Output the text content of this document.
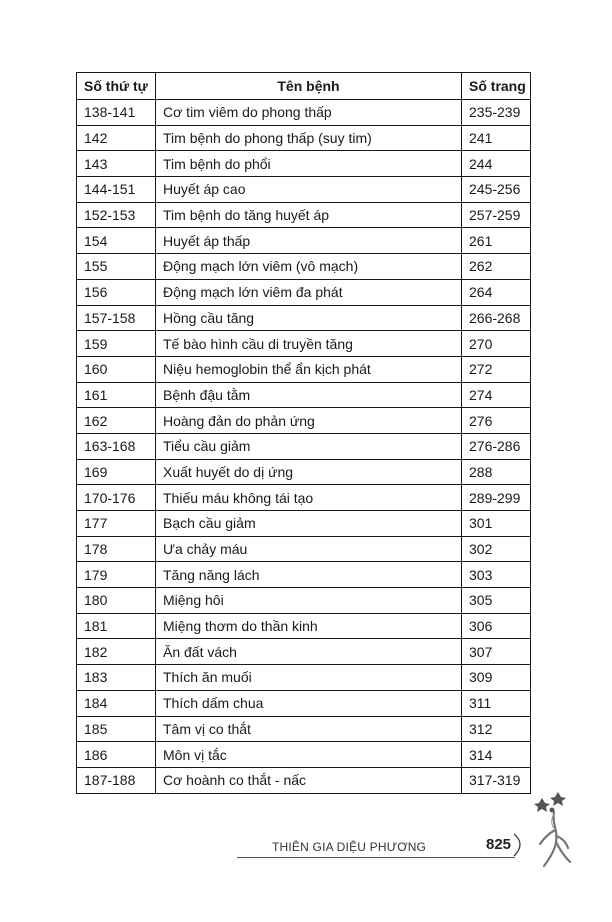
Số thứ tự	Tên bệnh	Số trang
138-141	Cơ tim viêm do phong thấp	235-239
142	Tim bệnh do phong thấp (suy tim)	241
143	Tim bệnh do phổi	244
144-151	Huyết áp cao	245-256
152-153	Tim bệnh do tăng huyết áp	257-259
154	Huyết áp thấp	261
155	Động mạch lớn viêm (vô mạch)	262
156	Động mạch lớn viêm đa phát	264
157-158	Hồng cầu tăng	266-268
159	Tế bào hình cầu di truyền tăng	270
160	Niệu hemoglobin thể ẩn kịch phát	272
161	Bệnh đậu tằm	274
162	Hoàng đản do phản ứng	276
163-168	Tiểu cầu giảm	276-286
169	Xuất huyết do dị ứng	288
170-176	Thiếu máu không tái tạo	289-299
177	Bạch cầu giảm	301
178	Ưa chảy máu	302
179	Tăng năng lách	303
180	Miệng hôi	305
181	Miệng thơm do thần kinh	306
182	Ăn đất vách	307
183	Thích ăn muối	309
184	Thích dấm chua	311
185	Tâm vị co thắt	312
186	Môn vị tắc	314
187-188	Cơ hoành co thắt - nấc	317-319
THIÊN GIA DIỆU PHƯƠNG	825
